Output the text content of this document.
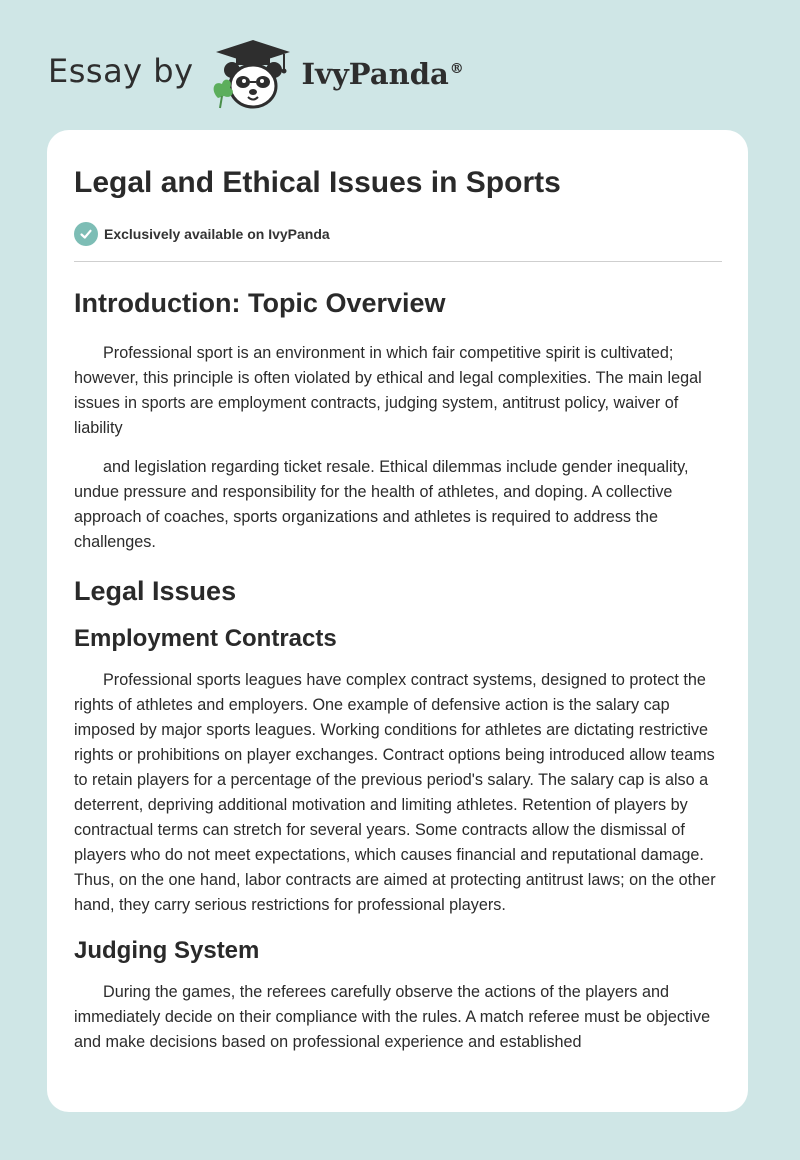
Essay by	IvyPanda®
Legal and Ethical Issues in Sports
Exclusively available on IvyPanda
Introduction: Topic Overview

Professional sport is an environment in which fair competitive spirit is cultivated; however, this principle is often violated by ethical and legal complexities. The main legal issues in sports are employment contracts, judging system, antitrust policy, waiver of liability

and legislation regarding ticket resale. Ethical dilemmas include gender inequality, undue pressure and responsibility for the health of athletes, and doping. A collective approach of coaches, sports organizations and athletes is required to address the challenges.

Legal Issues
Employment Contracts

Professional sports leagues have complex contract systems, designed to protect the rights of athletes and employers. One example of defensive action is the salary cap imposed by major sports leagues. Working conditions for athletes are dictating restrictive rights or prohibitions on player exchanges. Contract options being introduced allow teams to retain players for a percentage of the previous period's salary. The salary cap is also a deterrent, depriving additional motivation and limiting athletes. Retention of players by contractual terms can stretch for several years. Some contracts allow the dismissal of players who do not meet expectations, which causes financial and reputational damage. Thus, on the one hand, labor contracts are aimed at protecting antitrust laws; on the other hand, they carry serious restrictions for professional players.

Judging System

During the games, the referees carefully observe the actions of the players and immediately decide on their compliance with the rules. A match referee must be objective and make decisions based on professional experience and established
